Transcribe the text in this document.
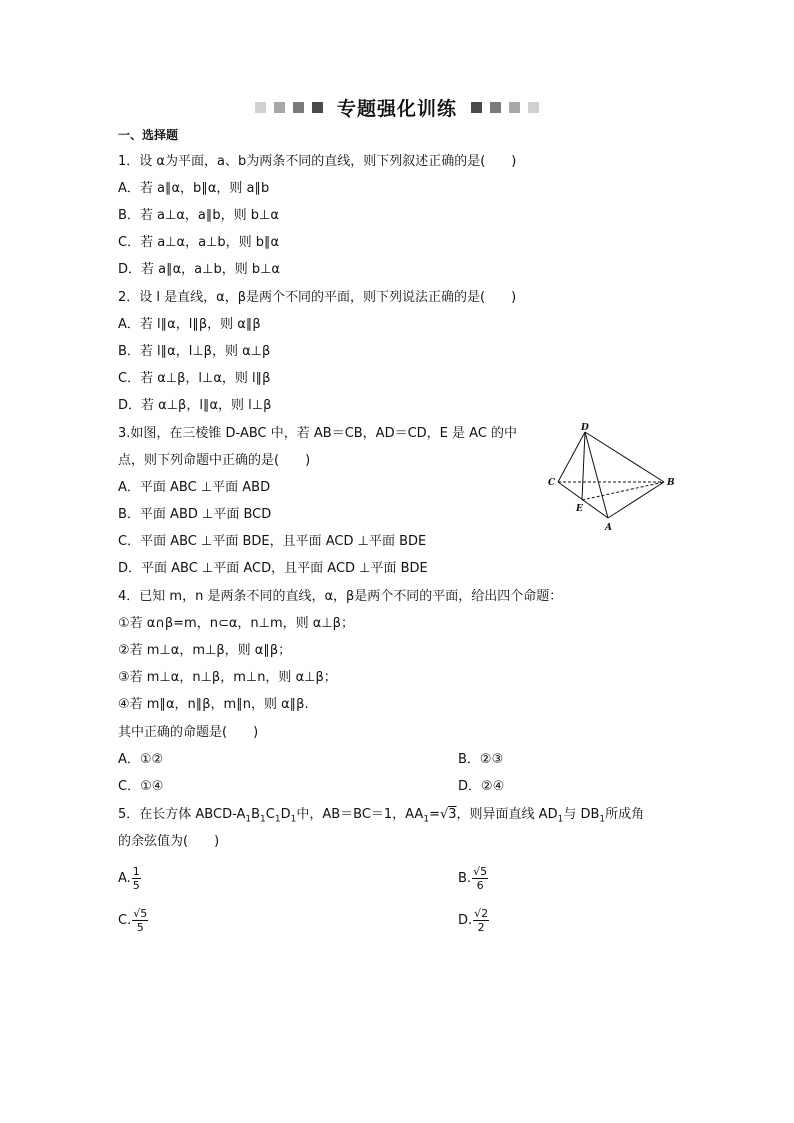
专题强化训练
一、选择题
1．设 α为平面，a、b为两条不同的直线，则下列叙述正确的是(　　)
A．若 a∥α，b∥α，则 a∥b
B．若 a⊥α，a∥b，则 b⊥α
C．若 a⊥α，a⊥b，则 b∥α
D．若 a∥α，a⊥b，则 b⊥α
2．设 l 是直线，α，β是两个不同的平面，则下列说法正确的是(　　)
A．若 l∥α，l∥β，则 α∥β
B．若 l∥α，l⊥β，则 α⊥β
C．若 α⊥β，l⊥α，则 l∥β
D．若 α⊥β，l∥α，则 l⊥β
3.如图，在三棱锥 D-ABC 中，若 AB＝CB，AD＝CD，E 是 AC 的中
点，则下列命题中正确的是(　　)
A．平面 ABC ⊥平面 ABD
B．平面 ABD ⊥平面 BCD
C．平面 ABC ⊥平面 BDE，且平面 ACD ⊥平面 BDE
D．平面 ABC ⊥平面 ACD，且平面 ACD ⊥平面 BDE
D
C	B
E
A
4．已知 m，n 是两条不同的直线，α，β是两个不同的平面，给出四个命题：
①若 α∩β=m，n⊂α，n⊥m，则 α⊥β；
②若 m⊥α，m⊥β，则 α∥β；
③若 m⊥α，n⊥β，m⊥n，则 α⊥β；
④若 m∥α，n∥β，m∥n，则 α∥β.
其中正确的命题是(　　)
A．①②	B．②③
C．①④	D．②④
5．在长方体 ABCD-$A_1B_1C_1D_1$中，AB＝BC＝1，$AA_1=√3$，则异面直线 $AD_1$与 $DB_1$所成角
的余弦值为(　　)
A. $\frac{1}{5}$	B. $\frac{√5}{6}$
C. $\frac{√5}{5}$	D. $\frac{√2}{2}$
